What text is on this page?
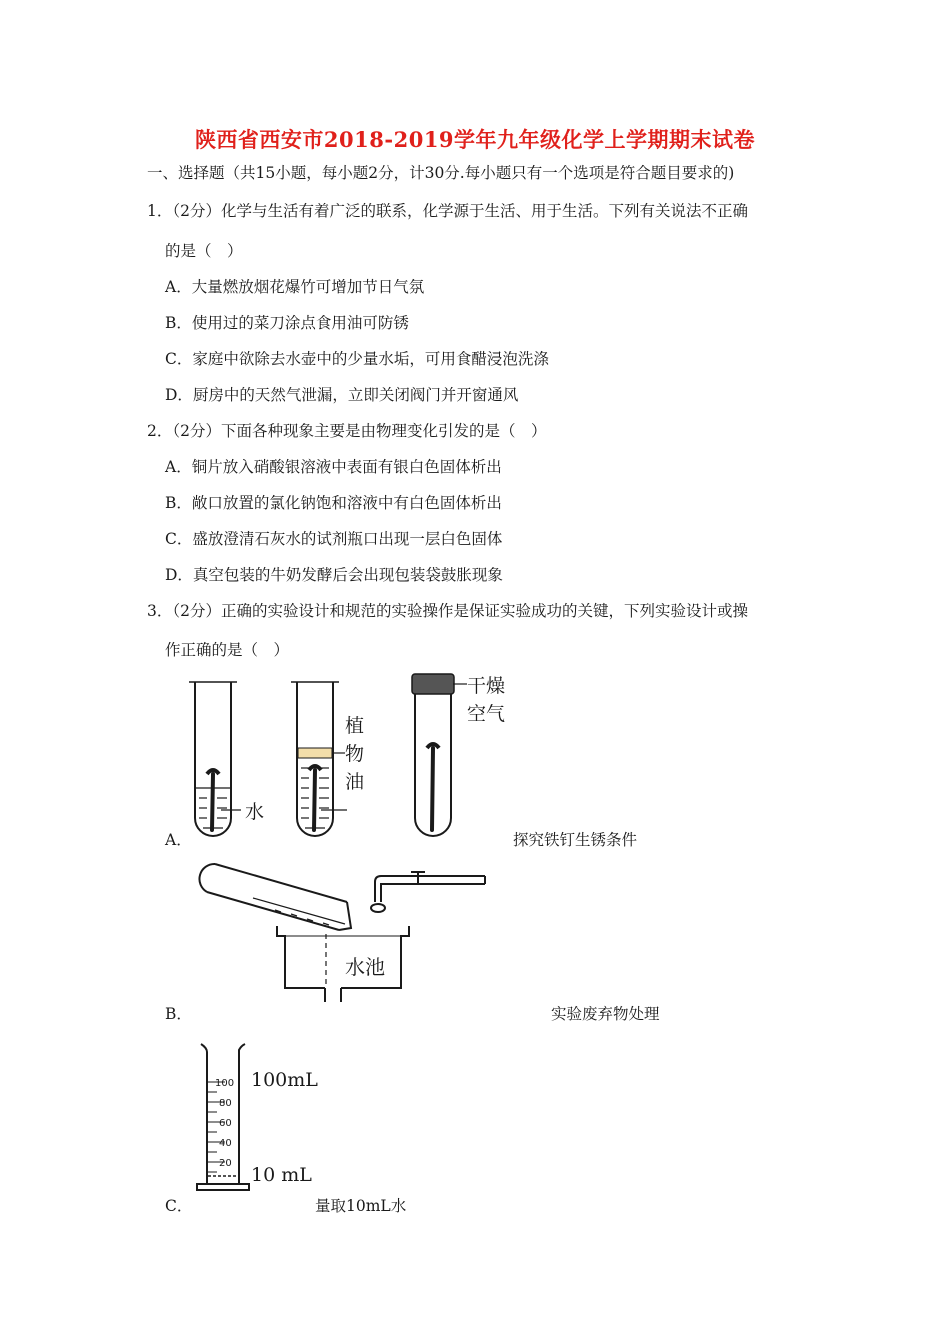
陕西省西安市2018-2019学年九年级化学上学期期末试卷
一、选择题（共15小题，每小题2分，计30分.每小题只有一个选项是符合题目要求的)
1．（2分）化学与生活有着广泛的联系，化学源于生活、用于生活。下列有关说法不正确
的是（　）
A．大量燃放烟花爆竹可增加节日气氛
B．使用过的菜刀涂点食用油可防锈
C．家庭中欲除去水壶中的少量水垢，可用食醋浸泡洗涤
D．厨房中的天然气泄漏，立即关闭阀门并开窗通风
2．（2分）下面各种现象主要是由物理变化引发的是（　）
A．铜片放入硝酸银溶液中表面有银白色固体析出
B．敞口放置的氯化钠饱和溶液中有白色固体析出
C．盛放澄清石灰水的试剂瓶口出现一层白色固体
D．真空包装的牛奶发酵后会出现包装袋鼓胀现象
3．（2分）正确的实验设计和规范的实验操作是保证实验成功的关键，下列实验设计或操
作正确的是（　）
水
植
物
油
干燥
空气
A．	探究铁钉生锈条件
水池
B．	实验废弃物处理
100
80
60
40
20
100mL
10 mL
C．	量取10mL水
